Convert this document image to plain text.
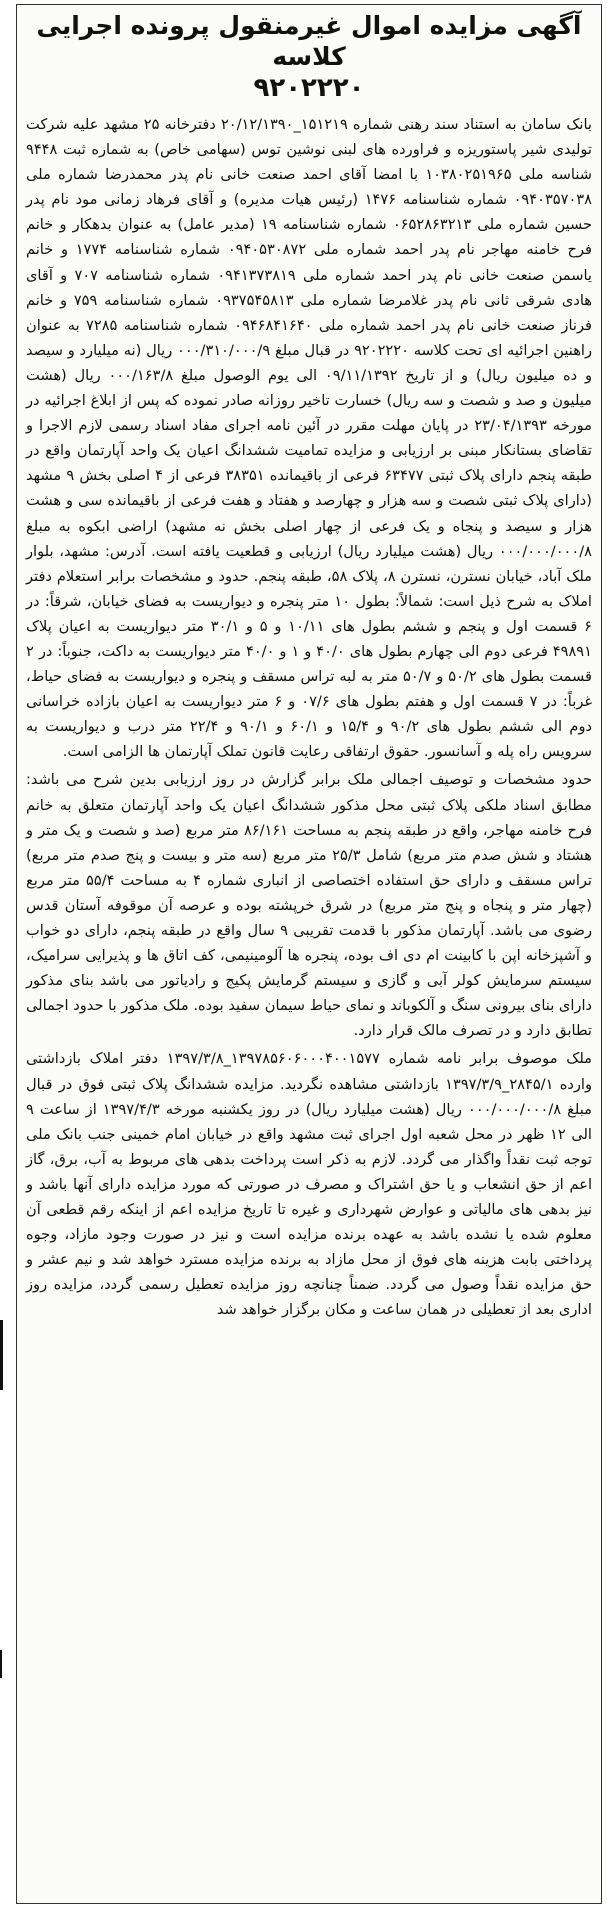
آگهی مزایده اموال غیرمنقول پرونده اجرایی کلاسه
۹۲۰۲۲۲۰

بانک سامان به استناد سند رهنی شماره ۱۵۱۲۱۹_۲۰/۱۲/۱۳۹۰ دفترخانه ۲۵ مشهد علیه شرکت تولیدی شیر پاستوریزه و فراورده های لبنی نوشین توس (سهامی خاص) به شماره ثبت ۹۴۴۸ شناسه ملی ۱۰۳۸۰۲۵۱۹۶۵ با امضا آقای احمد صنعت خانی نام پدر محمدرضا شماره ملی ۰۹۴۰۳۵۷۰۳۸ شماره شناسنامه ۱۴۷۶ (رئیس هیات مدیره) و آقای فرهاد زمانی مود نام پدر حسین شماره ملی ۰۶۵۲۸۶۳۲۱۳ شماره شناسنامه ۱۹ (مدیر عامل) به عنوان بدهکار و خانم فرح خامنه مهاجر نام پدر احمد شماره ملی ۰۹۴۰۵۳۰۸۷۲ شماره شناسنامه ۱۷۷۴ و خانم یاسمن صنعت خانی نام پدر احمد شماره ملی ۰۹۴۱۳۷۳۸۱۹ شماره شناسنامه ۷۰۷ و آقای هادی شرقی ثانی نام پدر غلامرضا شماره ملی ۰۹۳۷۵۴۵۸۱۳ شماره شناسنامه ۷۵۹ و خانم فرناز صنعت خانی نام پدر احمد شماره ملی ۰۹۴۶۸۴۱۶۴۰ شماره شناسنامه ۷۲۸۵ به عنوان راهنین اجرائیه ای تحت کلاسه ۹۲۰۲۲۲۰ در قبال مبلغ ۰۰۰/۳۱۰/۰۰۰/۹ ریال (نه میلیارد و سیصد و ده میلیون ریال) و از تاریخ ۰۹/۱۱/۱۳۹۲ الی یوم الوصول مبلغ ۰۰۰/۱۶۳/۸ ریال (هشت میلیون و صد و شصت و سه ریال) خسارت تاخیر روزانه صادر نموده که پس از ابلاغ اجرائیه در مورخه ۲۳/۰۴/۱۳۹۳ در پایان مهلت مقرر در آئین نامه اجرای مفاد اسناد رسمی لازم الاجرا و تقاضای بستانکار مبنی بر ارزیابی و مزایده تمامیت ششدانگ اعیان یک واحد آپارتمان واقع در طبقه پنجم دارای پلاک ثبتی ۶۳۴۷۷ فرعی از باقیمانده ۳۸۳۵۱ فرعی از ۴ اصلی بخش ۹ مشهد (دارای پلاک ثبتی شصت و سه هزار و چهارصد و هفتاد و هفت فرعی از باقیمانده سی و هشت هزار و سیصد و پنجاه و یک فرعی از چهار اصلی بخش نه مشهد) اراضی ابکوه به مبلغ ۰۰۰/۰۰۰/۰۰۰/۸ ریال (هشت میلیارد ریال) ارزیابی و قطعیت یافته است. آدرس: مشهد، بلوار ملک آباد، خیابان نسترن، نسترن ۸، پلاک ۵۸، طبقه پنجم. حدود و مشخصات برابر استعلام دفتر املاک به شرح ذیل است: شمالاً: بطول ۱۰ متر پنجره و دیواریست به فضای خیابان، شرقاً: در ۶ قسمت اول و پنجم و ششم بطول های ۱۰/۱۱ و ۵ و ۳۰/۱ متر دیواریست به اعیان پلاک ۴۹۸۹۱ فرعی دوم الی چهارم بطول های ۴۰/۰ و ۱ و ۴۰/۰ متر دیواریست به داکت، جنوباً: در ۲ قسمت بطول های ۵۰/۲ و ۵۰/۷ متر به لبه تراس مسقف و پنجره و دیواریست به فضای حیاط، غرباً: در ۷ قسمت اول و هفتم بطول های ۰۷/۶ و ۶ متر دیواریست به اعیان بازاده خراسانی دوم الی ششم بطول های ۹۰/۲ و ۱۵/۴ و ۶۰/۱ و ۹۰/۱ و ۲۲/۴ متر درب و دیواریست به سرویس راه پله و آسانسور. حقوق ارتفاقی رعایت قانون تملک آپارتمان ها الزامی است.

حدود مشخصات و توصیف اجمالی ملک برابر گزارش در روز ارزیابی بدین شرح می باشد: مطابق اسناد ملکی پلاک ثبتی محل مذکور ششدانگ اعیان یک واحد آپارتمان متعلق به خانم فرح خامنه مهاجر، واقع در طبقه پنجم به مساحت ۸۶/۱۶۱ متر مربع (صد و شصت و یک متر و هشتاد و شش صدم متر مربع) شامل ۲۵/۳ متر مربع (سه متر و بیست و پنج صدم متر مربع) تراس مسقف و دارای حق استفاده اختصاصی از انباری شماره ۴ به مساحت ۵۵/۴ متر مربع (چهار متر و پنجاه و پنج متر مربع) در شرق خرپشته بوده و عرصه آن موقوفه آستان قدس رضوی می باشد. آپارتمان مذکور با قدمت تقریبی ۹ سال واقع در طبقه پنجم، دارای دو خواب و آشپزخانه اپن با کابینت ام دی اف بوده، پنجره ها آلومینیمی، کف اتاق ها و پذیرایی سرامیک، سیستم سرمایش کولر آبی و گازی و سیستم گرمایش پکیج و رادیاتور می باشد بنای مذکور دارای بنای بیرونی سنگ و آلکوباند و نمای حیاط سیمان سفید بوده. ملک مذکور با حدود اجمالی تطابق دارد و در تصرف مالک قرار دارد.

ملک موصوف برابر نامه شماره ۱۳۹۷۸۵۶۰۶۰۰۰۴۰۰۱۵۷۷_۱۳۹۷/۳/۸ دفتر املاک بازداشتی وارده ۲۸۴۵/۱_۱۳۹۷/۳/۹ بازداشتی مشاهده نگردید. مزایده ششدانگ پلاک ثبتی فوق در قبال مبلغ ۰۰۰/۰۰۰/۰۰۰/۸ ریال (هشت میلیارد ریال) در روز یکشنبه مورخه ۱۳۹۷/۴/۳ از ساعت ۹ الی ۱۲ ظهر در محل شعبه اول اجرای ثبت مشهد واقع در خیابان امام خمینی جنب بانک ملی توجه ثبت نقداً واگذار می گردد. لازم به ذکر است پرداخت بدهی های مربوط به آب، برق، گاز اعم از حق انشعاب و یا حق اشتراک و مصرف در صورتی که مورد مزایده دارای آنها باشد و نیز بدهی های مالیاتی و عوارض شهرداری و غیره تا تاریخ مزایده اعم از اینکه رقم قطعی آن معلوم شده یا نشده باشد به عهده برنده مزایده است و نیز در صورت وجود مازاد، وجوه پرداختی بابت هزینه های فوق از محل مازاد به برنده مزایده مسترد خواهد شد و نیم عشر و حق مزایده نقداً وصول می گردد. ضمناً چنانچه روز مزایده تعطیل رسمی گردد، مزایده روز اداری بعد از تعطیلی در همان ساعت و مکان برگزار خواهد شد
